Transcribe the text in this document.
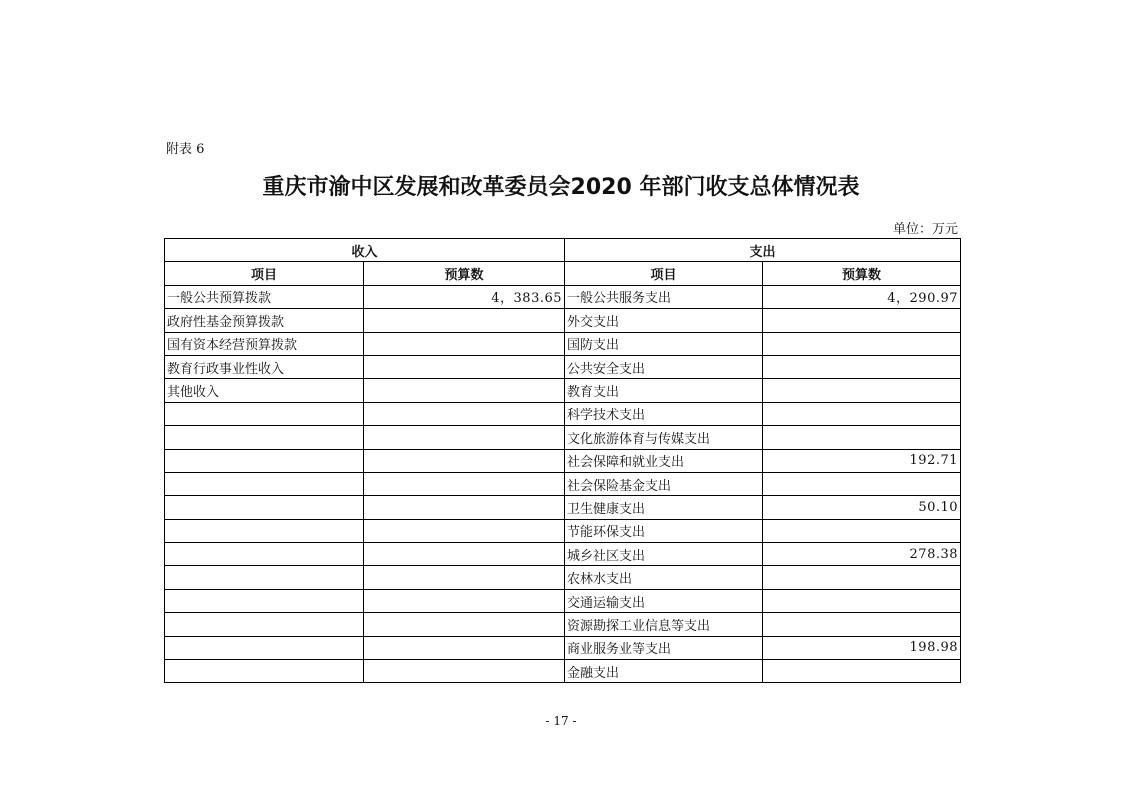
附表 6
重庆市渝中区发展和改革委员会2020 年部门收支总体情况表
单位：万元
收入		支出	
项目	预算数	项目	预算数
一般公共预算拨款	4，383.65	一般公共服务支出	4，290.97
政府性基金预算拨款		外交支出	
国有资本经营预算拨款		国防支出	
教育行政事业性收入		公共安全支出	
其他收入		教育支出	
		科学技术支出	
		文化旅游体育与传媒支出	
		社会保障和就业支出	192.71
		社会保险基金支出	
		卫生健康支出	50.10
		节能环保支出	
		城乡社区支出	278.38
		农林水支出	
		交通运输支出	
		资源勘探工业信息等支出	
		商业服务业等支出	198.98
		金融支出	
- 17 -
